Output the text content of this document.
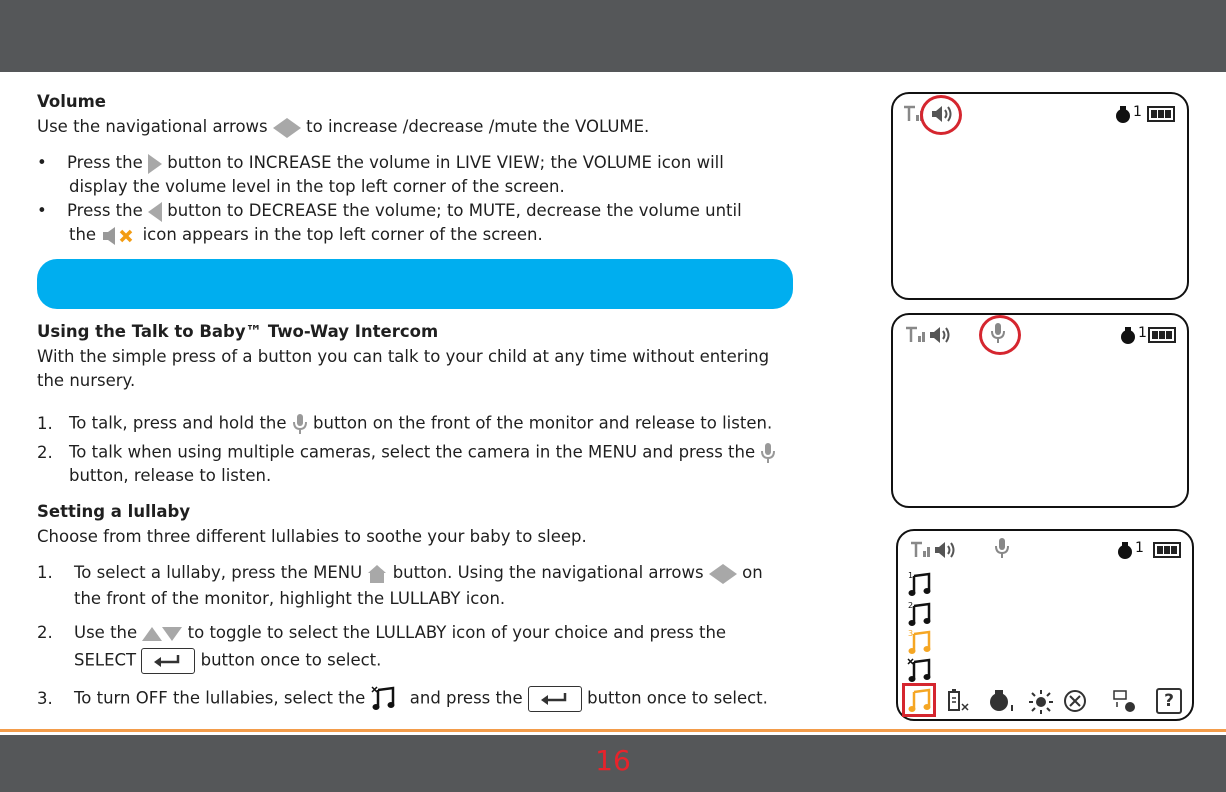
Volume
Use the navigational arrows to increase /decrease /mute the VOLUME.
• Press the button to INCREASE the volume in LIVE VIEW; the VOLUME icon will
display the volume level in the top left corner of the screen.
• Press the button to DECREASE the volume; to MUTE, decrease the volume until
the	icon appears in the top left corner of the screen.
Using the Talk to Baby™ Two-Way Intercom
With the simple press of a button you can talk to your child at any time without entering
the nursery.
1. To talk, press and hold the button on the front of the monitor and release to listen.
2. To talk when using multiple cameras, select the camera in the MENU and press the
button, release to listen.
Setting a lullaby
Choose from three different lullabies to soothe your baby to sleep.
1. To select a lullaby, press the MENU button. Using the navigational arrows on
the front of the monitor, highlight the LULLABY icon.
2. Use the	to toggle to select the LULLABY icon of your choice and press the
SELECT	button once to select.
3. To turn OFF the lullabies, select the	and press the	button once to select.
1
1
1
1
2
3
?
16
